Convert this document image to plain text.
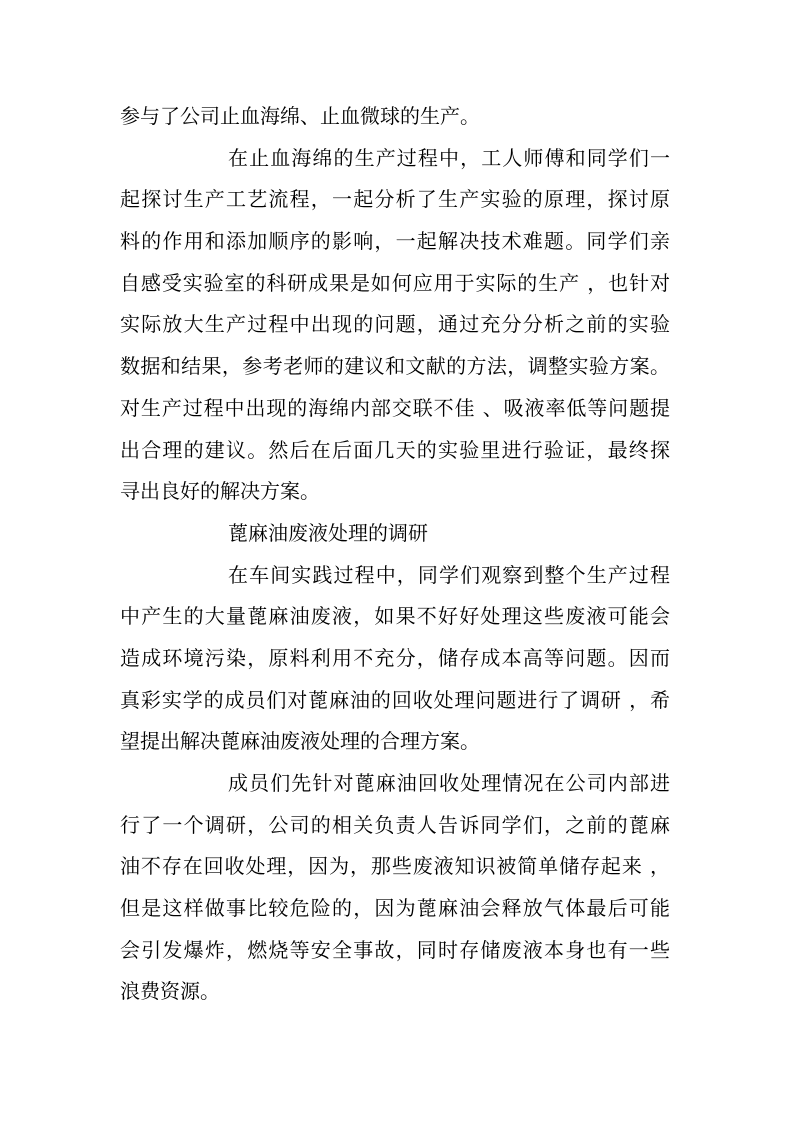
参与了公司止血海绵、止血微球的生产。
在止血海绵的生产过程中，工人师傅和同学们一
起探讨生产工艺流程，一起分析了生产实验的原理，探讨原
料的作用和添加顺序的影响，一起解决技术难题。同学们亲
自感受实验室的科研成果是如何应用于实际的生产 ，也针对
实际放大生产过程中出现的问题，通过充分分析之前的实验
数据和结果，参考老师的建议和文献的方法，调整实验方案。
对生产过程中出现的海绵内部交联不佳 、吸液率低等问题提
出合理的建议。然后在后面几天的实验里进行验证，最终探
寻出良好的解决方案。
蓖麻油废液处理的调研
在车间实践过程中，同学们观察到整个生产过程
中产生的大量蓖麻油废液，如果不好好处理这些废液可能会
造成环境污染，原料利用不充分，储存成本高等问题。因而
真彩实学的成员们对蓖麻油的回收处理问题进行了调研 ，希
望提出解决蓖麻油废液处理的合理方案。
成员们先针对蓖麻油回收处理情况在公司内部进
行了一个调研，公司的相关负责人告诉同学们，之前的蓖麻
油不存在回收处理，因为，那些废液知识被简单储存起来 ，
但是这样做事比较危险的，因为蓖麻油会释放气体最后可能
会引发爆炸，燃烧等安全事故，同时存储废液本身也有一些
浪费资源。
